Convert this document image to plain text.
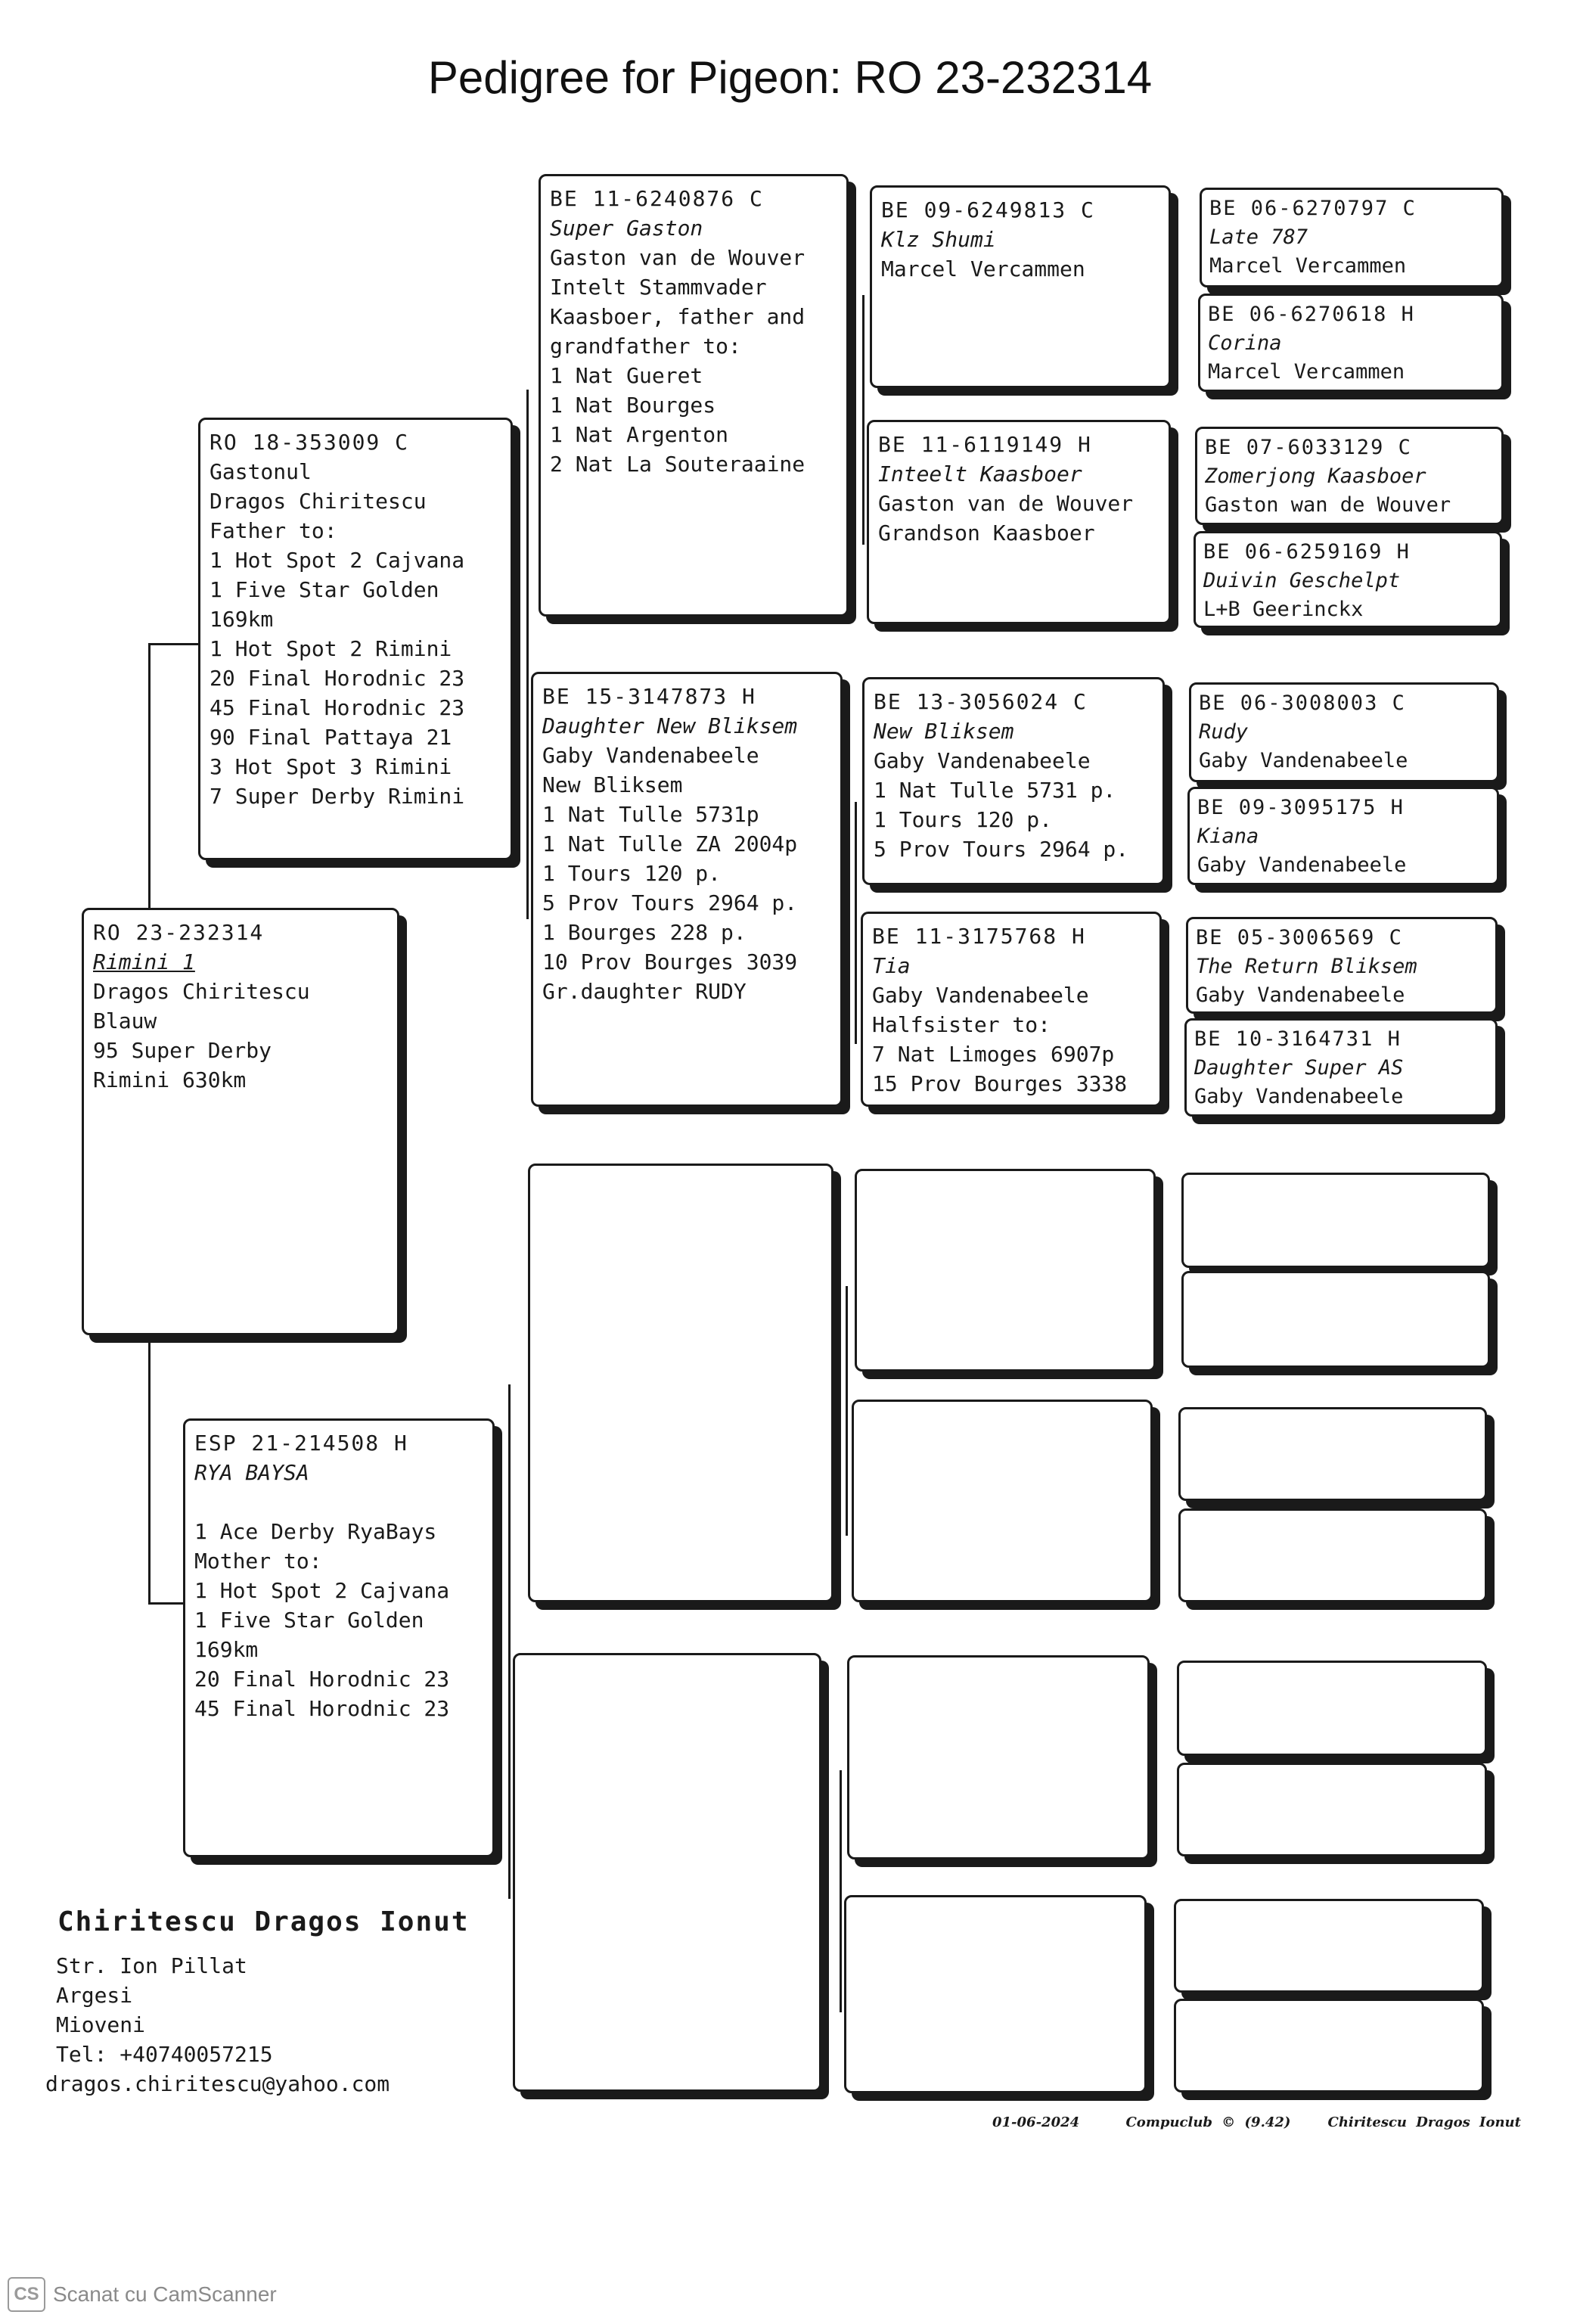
Pedigree for Pigeon: RO 23-232314
RO 23-232314
Rimini 1
Dragos Chiritescu
Blauw
95 Super Derby
Rimini 630km
RO 18-353009 C
Gastonul
Dragos Chiritescu
Father to:
1 Hot Spot 2 Cajvana
1 Five Star Golden
169km
1 Hot Spot 2 Rimini
20 Final Horodnic 23
45 Final Horodnic 23
90 Final Pattaya 21
3 Hot Spot 3 Rimini
7 Super Derby Rimini
ESP 21-214508 H
RYA BAYSA
1 Ace Derby RyaBays
Mother to:
1 Hot Spot 2 Cajvana
1 Five Star Golden
169km
20 Final Horodnic 23
45 Final Horodnic 23
BE 11-6240876 C
Super Gaston
Gaston van de Wouver
Intelt Stammvader
Kaasboer, father and
grandfather to:
1 Nat Gueret
1 Nat Bourges
1 Nat Argenton
2 Nat La Souteraaine
BE 15-3147873 H
Daughter New Bliksem
Gaby Vandenabeele
New Bliksem
1 Nat Tulle 5731p
1 Nat Tulle ZA 2004p
1 Tours 120 p.
5 Prov Tours 2964 p.
1 Bourges 228 p.
10 Prov Bourges 3039
Gr.daughter RUDY
BE 09-6249813 C
Klz Shumi
Marcel Vercammen
BE 11-6119149 H
Inteelt Kaasboer
Gaston van de Wouver
Grandson Kaasboer
BE 13-3056024 C
New Bliksem
Gaby Vandenabeele
1 Nat Tulle 5731 p.
1 Tours 120 p.
5 Prov Tours 2964 p.
BE 11-3175768 H
Tia
Gaby Vandenabeele
Halfsister to:
7 Nat Limoges 6907p
15 Prov Bourges 3338
BE 06-6270797 C
Late 787
Marcel Vercammen
BE 06-6270618 H
Corina
Marcel Vercammen
BE 07-6033129 C
Zomerjong Kaasboer
Gaston wan de Wouver
BE 06-6259169 H
Duivin Geschelpt
L+B Geerinckx
BE 06-3008003 C
Rudy
Gaby Vandenabeele
BE 09-3095175 H
Kiana
Gaby Vandenabeele
BE 05-3006569 C
The Return Bliksem
Gaby Vandenabeele
BE 10-3164731 H
Daughter Super AS
Gaby Vandenabeele
Chiritescu Dragos Ionut
Str. Ion Pillat
Argesi
Mioveni
Tel: +40740057215
dragos.chiritescu@yahoo.com
01-06-2024	Compuclub © (9.42)	Chiritescu Dragos Ionut
CS Scanat cu CamScanner
